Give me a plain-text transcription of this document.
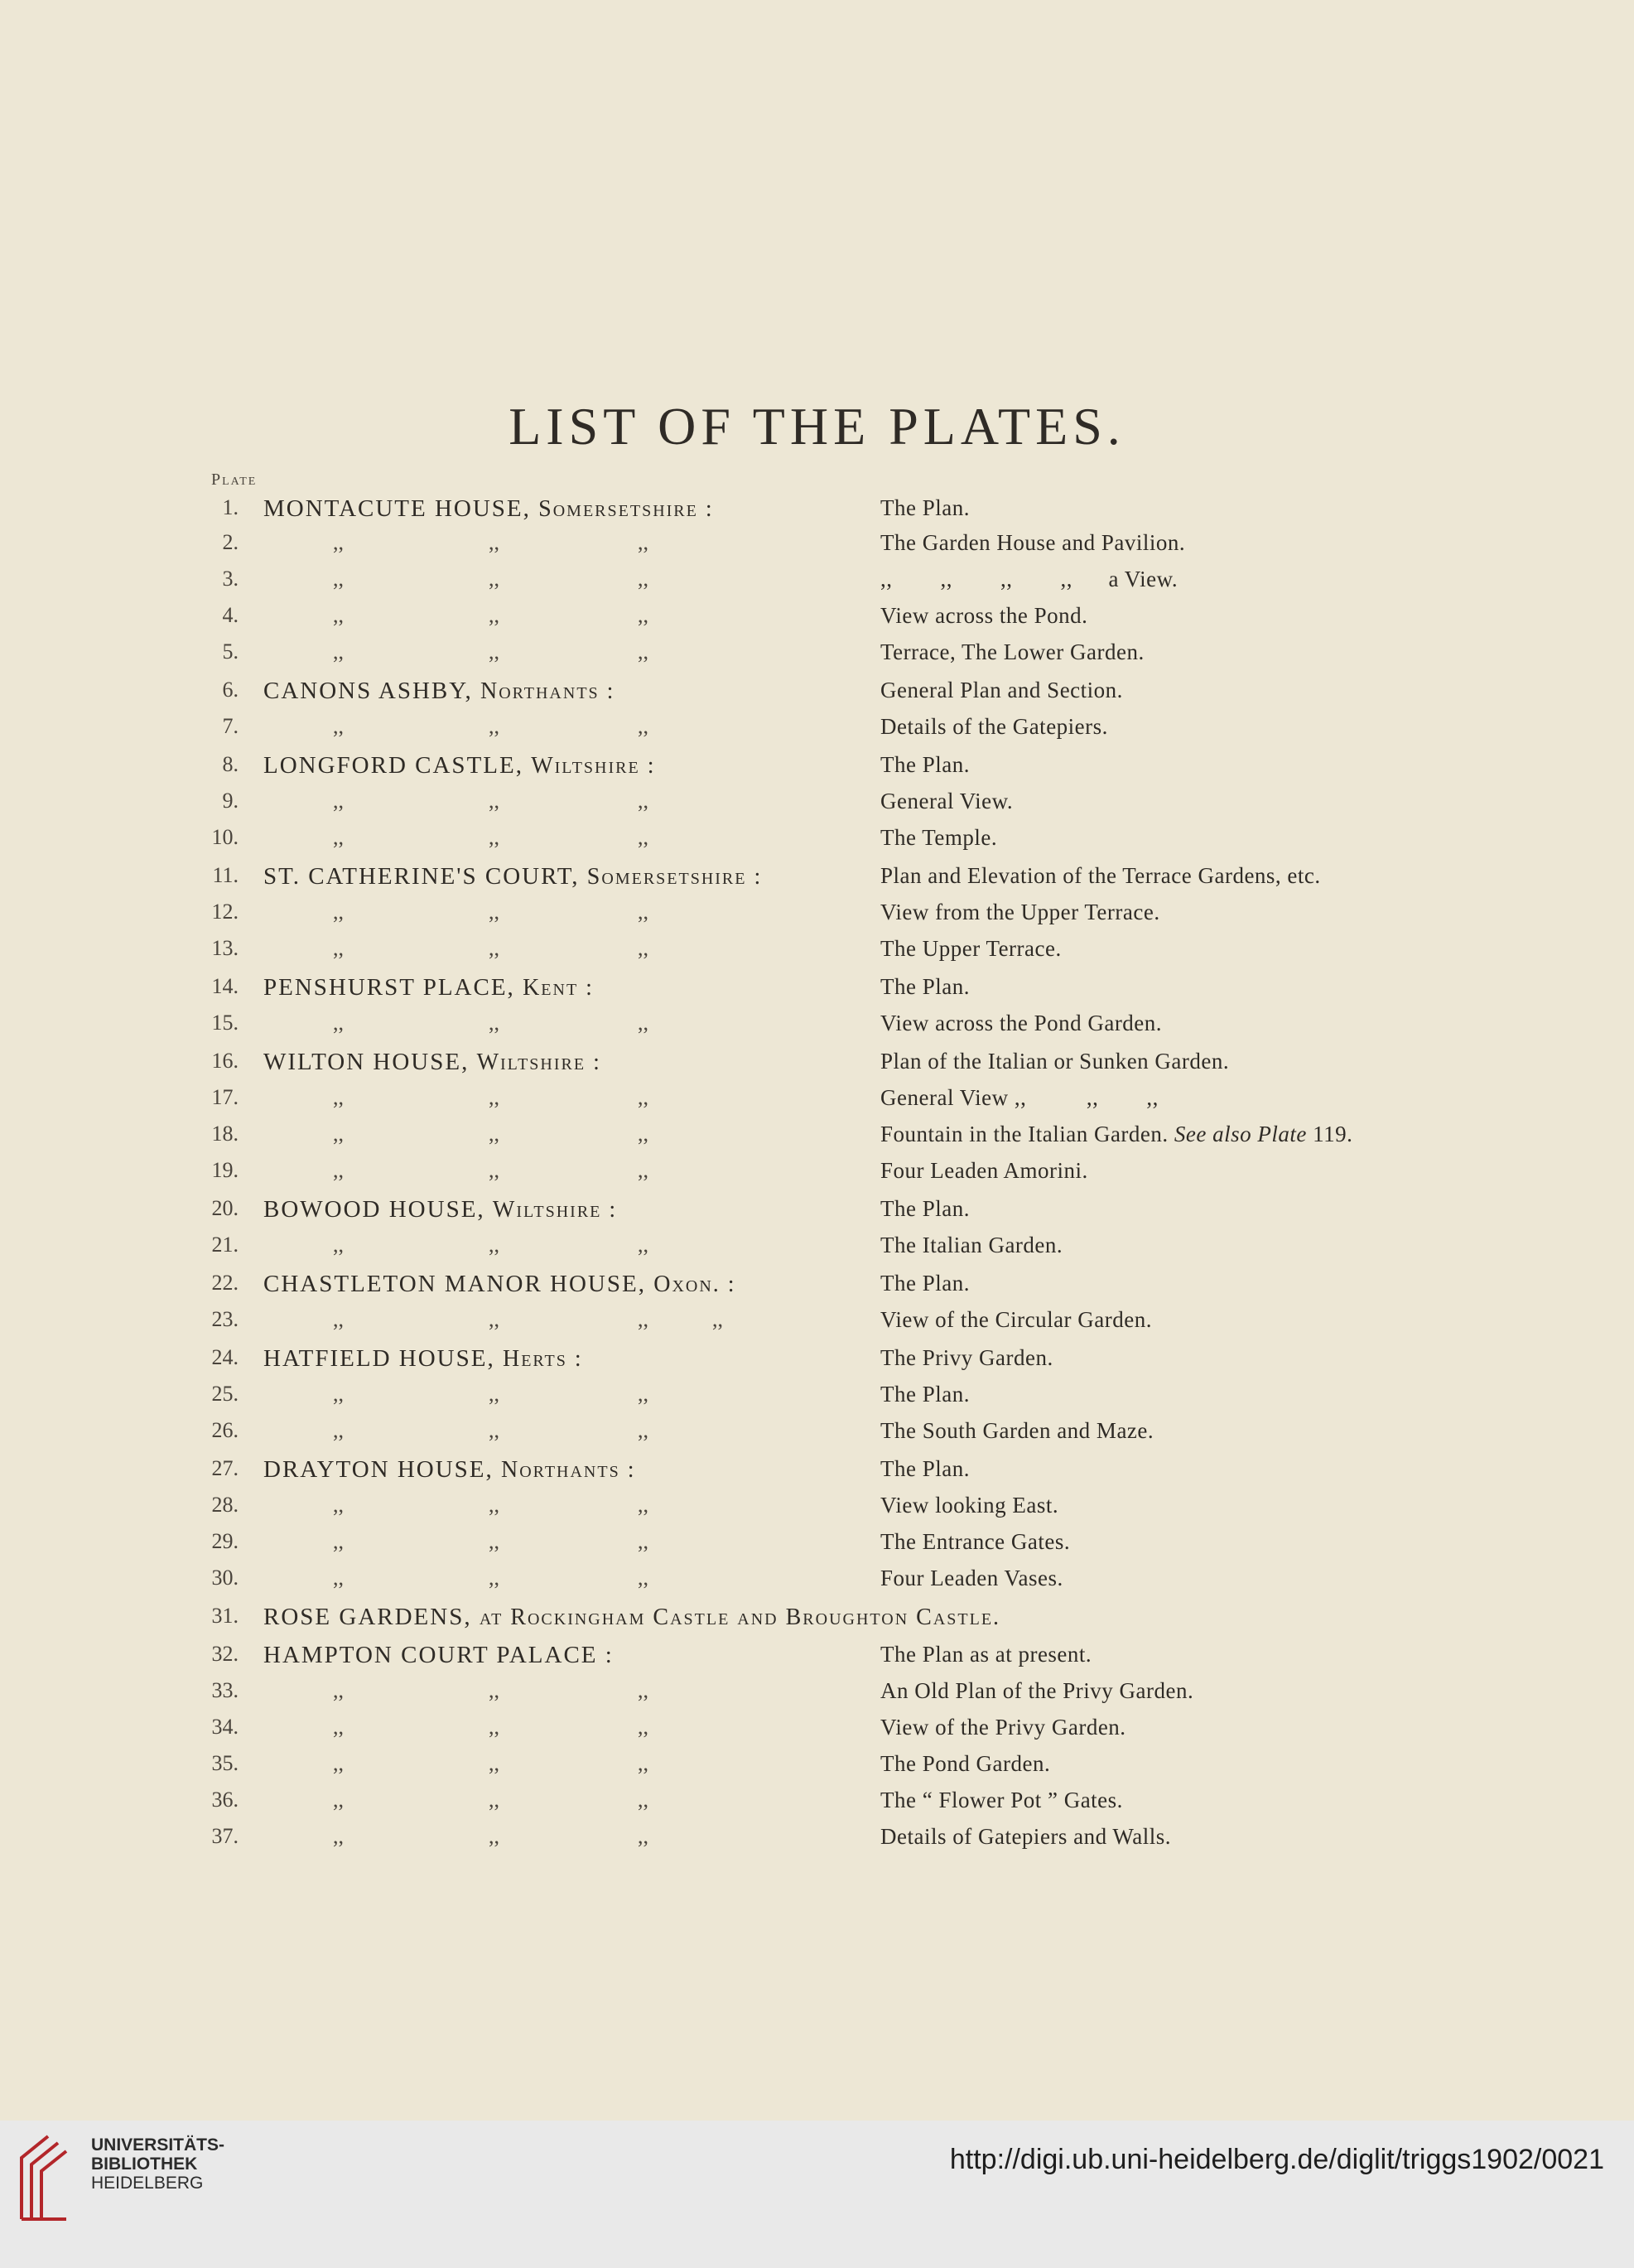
LIST OF THE PLATES.
Plate
1. MONTACUTE HOUSE, Somersetshire :	The Plan.
2.	,,	,,	,,	The Garden House and Pavilion.
3.	,,	,,	,,	,,        ,,        ,,        ,,      a View.
4.	,,	,,	,,	View across the Pond.
5.	,,	,,	,,	Terrace, The Lower Garden.
6. CANONS ASHBY, Northants :	General Plan and Section.
7.	,,	,,	,,	Details of the Gatepiers.
8. LONGFORD CASTLE, Wiltshire :	The Plan.
9.	,,	,,	,,	General View.
10.	,,	,,	,,	The Temple.
11. ST. CATHERINE'S COURT, Somersetshire :	Plan and Elevation of the Terrace Gardens, etc.
12.	,,	,,	,,	View from the Upper Terrace.
13.	,,	,,	,,	The Upper Terrace.
14. PENSHURST PLACE, Kent :	The Plan.
15.	,,	,,	,,	View across the Pond Garden.
16. WILTON HOUSE, Wiltshire :	Plan of the Italian or Sunken Garden.
17.	,,	,,	,,	General View ,,          ,,        ,,
18.	,,	,,	,,	Fountain in the Italian Garden. See also Plate 119.
19.	,,	,,	,,	Four Leaden Amorini.
20. BOWOOD HOUSE, Wiltshire :	The Plan.
21.	,,	,,	,,	The Italian Garden.
22. CHASTLETON MANOR HOUSE, Oxon. :	The Plan.
23.	,,	,,	,,	,,	View of the Circular Garden.
24. HATFIELD HOUSE, Herts :	The Privy Garden.
25.	,,	,,	,,	The Plan.
26.	,,	,,	,,	The South Garden and Maze.
27. DRAYTON HOUSE, Northants :	The Plan.
28.	,,	,,	,,	View looking East.
29.	,,	,,	,,	The Entrance Gates.
30.	,,	,,	,,	Four Leaden Vases.
31. ROSE GARDENS, at Rockingham Castle and Broughton Castle.
32. HAMPTON COURT PALACE :	The Plan as at present.
33.	,,	,,	,,	An Old Plan of the Privy Garden.
34.	,,	,,	,,	View of the Privy Garden.
35.	,,	,,	,,	The Pond Garden.
36.	,,	,,	,,	The “ Flower Pot ” Gates.
37.	,,	,,	,,	Details of Gatepiers and Walls.
UNIVERSITÄTS-
BIBLIOTHEK
HEIDELBERG
http://digi.ub.uni-heidelberg.de/diglit/triggs1902/0021
